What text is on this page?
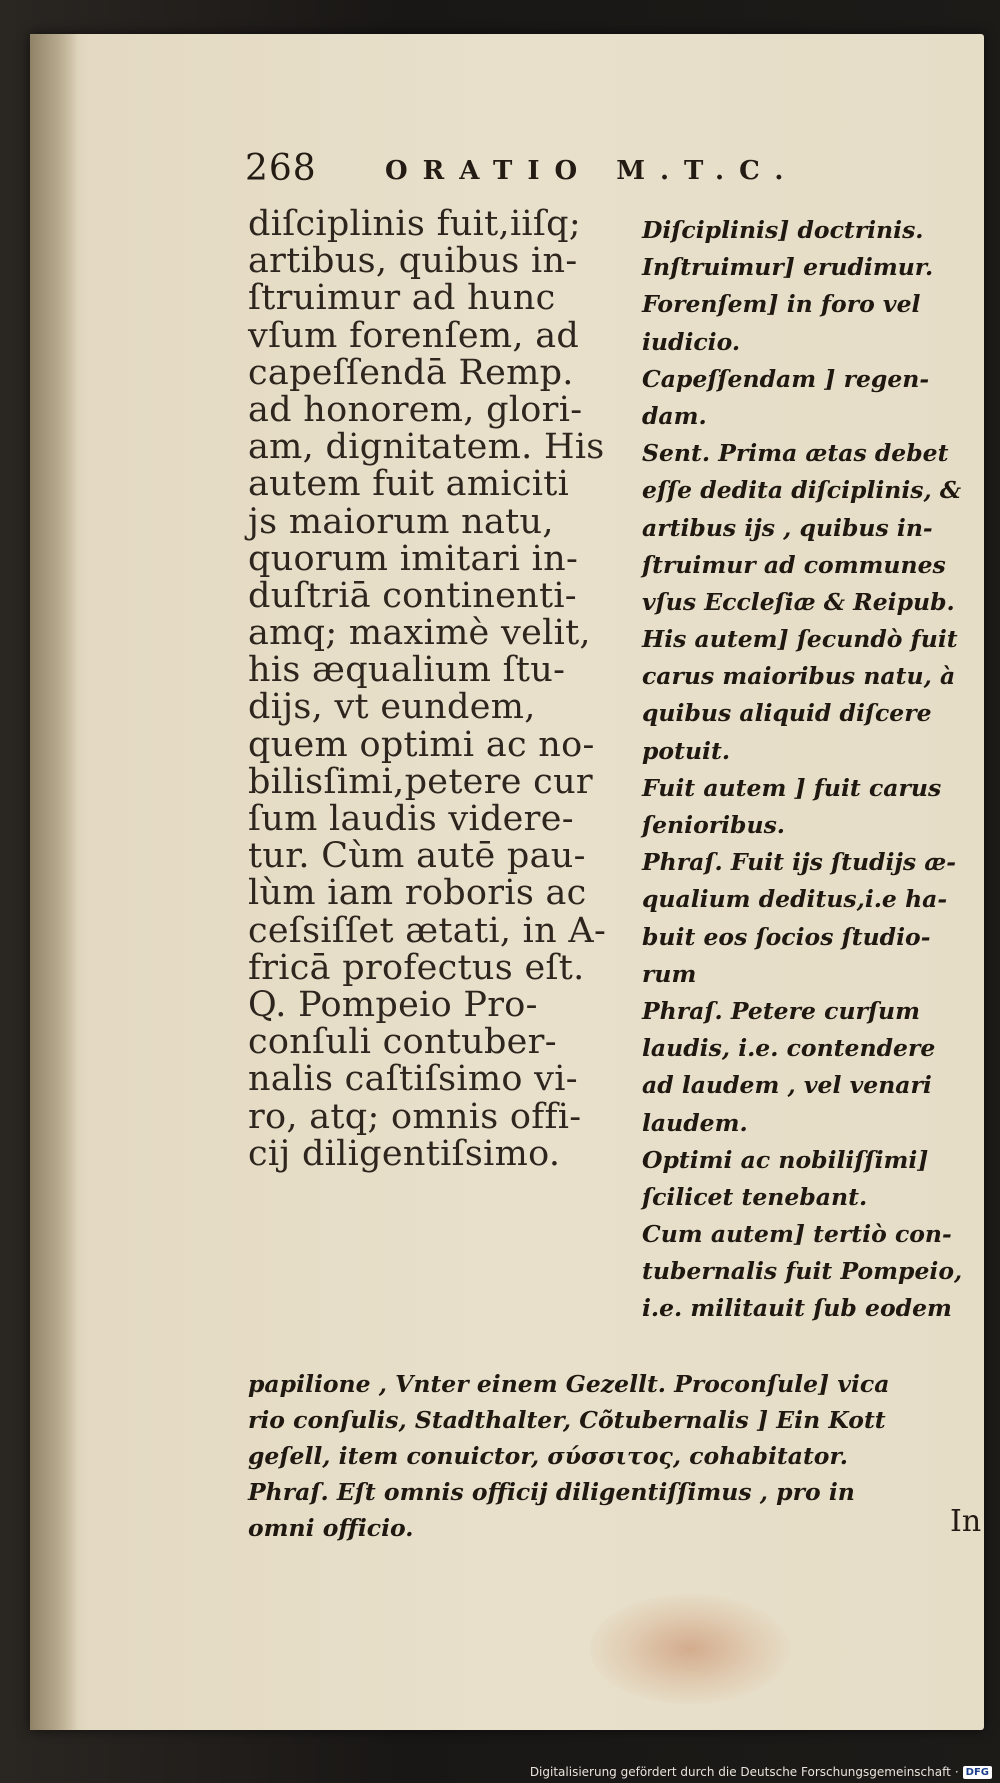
268	ORATIO M.T.C.
diſciplinis fuit,iiſq;
artibus, quibus in-
ſtruimur ad hunc
vſum forenſem, ad
capeſſendā Remp.
ad honorem, glori-
am, dignitatem. His
autem fuit amiciti
js maiorum natu,
quorum imitari in-
duſtriā continenti-
amq; maximè velit,
his æqualium ſtu-
dijs, vt eundem,
quem optimi ac no-
bilisſimi,petere cur
ſum laudis videre-
tur. Cùm autē pau-
lùm iam roboris ac
ceſsiſſet ætati, in A-
fricā profectus eſt.
Q. Pompeio Pro-
conſuli contuber-
nalis caſtiſsimo vi-
ro, atq; omnis offi-
cij diligentiſsimo.
Diſciplinis] doctrinis.
Inſtruimur] erudimur.
Forenſem] in foro vel
iudicio.
Capeſſendam ] regen-
dam.
Sent. Prima ætas debet
eſſe dedita diſciplinis, &
artibus ijs , quibus in-
ſtruimur ad communes
vſus Eccleſiæ & Reipub.
His autem] ſecundò fuit
carus maioribus natu, à
quibus aliquid diſcere
potuit.
Fuit autem ] fuit carus
ſenioribus.
Phraſ. Fuit ijs ſtudijs æ-
qualium deditus,i.e ha-
buit eos ſocios ſtudio-
rum
Phraſ. Petere curſum
laudis, i.e. contendere
ad laudem , vel venari
laudem.
Optimi ac nobiliſſimi]
ſcilicet tenebant.
Cum autem] tertiò con-
tubernalis fuit Pompeio,
i.e. militauit ſub eodem
papilione , Vnter einem Gezellt. Proconſule] vica
rio conſulis, Stadthalter, Cõtubernalis ] Ein Kott
geſell, item conuictor, σύσσιτος, cohabitator.
Phraſ. Eſt omnis officij diligentiſſimus , pro in
omni officio.	In
Digitalisierung gefördert durch die Deutsche Forschungsgemeinschaft · DFG
